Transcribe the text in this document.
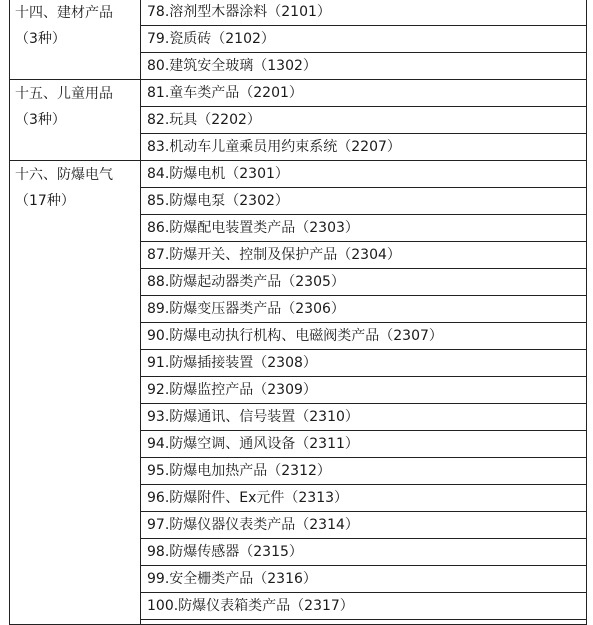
十四、建材产品
（3种）	78.溶剂型木器涂料（2101）
	79.瓷质砖（2102）
	80.建筑安全玻璃（1302）

十五、儿童用品
（3种）	81.童车类产品（2201）
	82.玩具（2202）
	83.机动车儿童乘员用约束系统（2207）

十六、防爆电气
（17种）	84.防爆电机（2301）
	85.防爆电泵（2302）
	86.防爆配电装置类产品（2303）
	87.防爆开关、控制及保护产品（2304）
	88.防爆起动器类产品（2305）
	89.防爆变压器类产品（2306）
	90.防爆电动执行机构、电磁阀类产品（2307）
	91.防爆插接装置（2308）
	92.防爆监控产品（2309）
	93.防爆通讯、信号装置（2310）
	94.防爆空调、通风设备（2311）
	95.防爆电加热产品（2312）
	96.防爆附件、Ex元件（2313）
	97.防爆仪器仪表类产品（2314）
	98.防爆传感器（2315）
	99.安全栅类产品（2316）
	100.防爆仪表箱类产品（2317）
